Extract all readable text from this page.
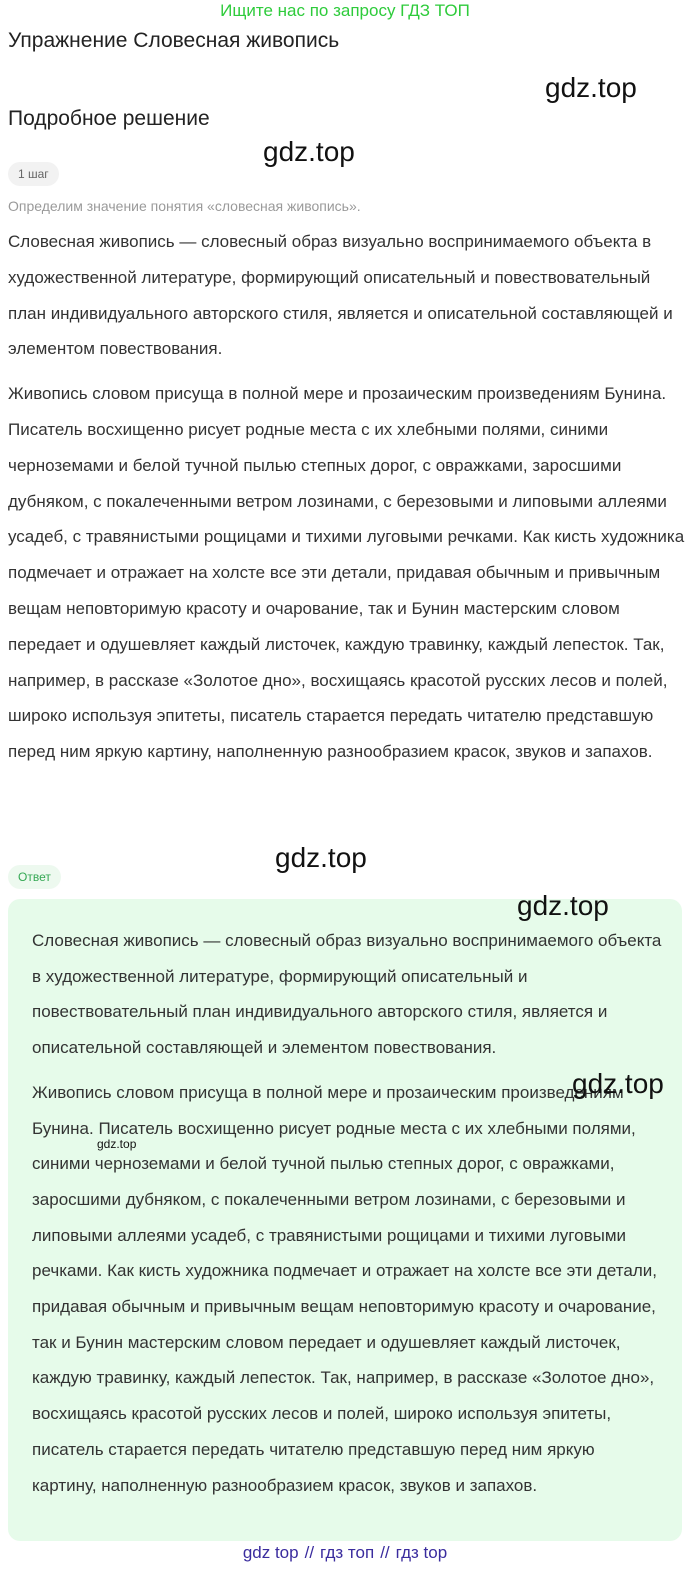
Ищите нас по запросу ГДЗ ТОП
Упражнение Словесная живопись
gdz.top
Подробное решение
gdz.top
1 шаг
Определим значение понятия «словесная живопись».

Словесная живопись — словесный образ визуально воспринимаемого объекта в художественной литературе, формирующий описательный и повествовательный план индивидуального авторского стиля, является и описательной составляющей и элементом повествования.

Живопись словом присуща в полной мере и прозаическим произведениям Бунина. Писатель восхищенно рисует родные места с их хлебными полями, синими черноземами и белой тучной пылью степных дорог, с овражками, заросшими дубняком, с покалеченными ветром лозинами, с березовыми и липовыми аллеями усадеб, с травянистыми рощицами и тихими луговыми речками. Как кисть художника подмечает и отражает на холсте все эти детали, придавая обычным и привычным вещам неповторимую красоту и очарование, так и Бунин мастерским словом передает и одушевляет каждый листочек, каждую травинку, каждый лепесток. Так, например, в рассказе «Золотое дно», восхищаясь красотой русских лесов и полей, широко используя эпитеты, писатель старается передать читателю представшую перед ним яркую картину, наполненную разнообразием красок, звуков и запахов.

gdz.top
Ответ
gdz.top

Словесная живопись — словесный образ визуально воспринимаемого объекта в художественной литературе, формирующий описательный и повествовательный план индивидуального авторского стиля, является и описательной составляющей и элементом повествования.

Живопись словом присуща в полной мере и прозаическим произведениям Бунина. Писатель восхищенно рисует родные места с их хлебными полями, синими черноземами и белой тучной пылью степных дорог, с овражками, заросшими дубняком, с покалеченными ветром лозинами, с березовыми и липовыми аллеями усадеб, с травянистыми рощицами и тихими луговыми речками. Как кисть художника подмечает и отражает на холсте все эти детали, придавая обычным и привычным вещам неповторимую красоту и очарование, так и Бунин мастерским словом передает и одушевляет каждый листочек, каждую травинку, каждый лепесток. Так, например, в рассказе «Золотое дно», восхищаясь красотой русских лесов и полей, широко используя эпитеты, писатель старается передать читателю представшую перед ним яркую картину, наполненную разнообразием красок, звуков и запахов.

gdz.top
gdz.top
gdz top // гдз топ // гдз top
